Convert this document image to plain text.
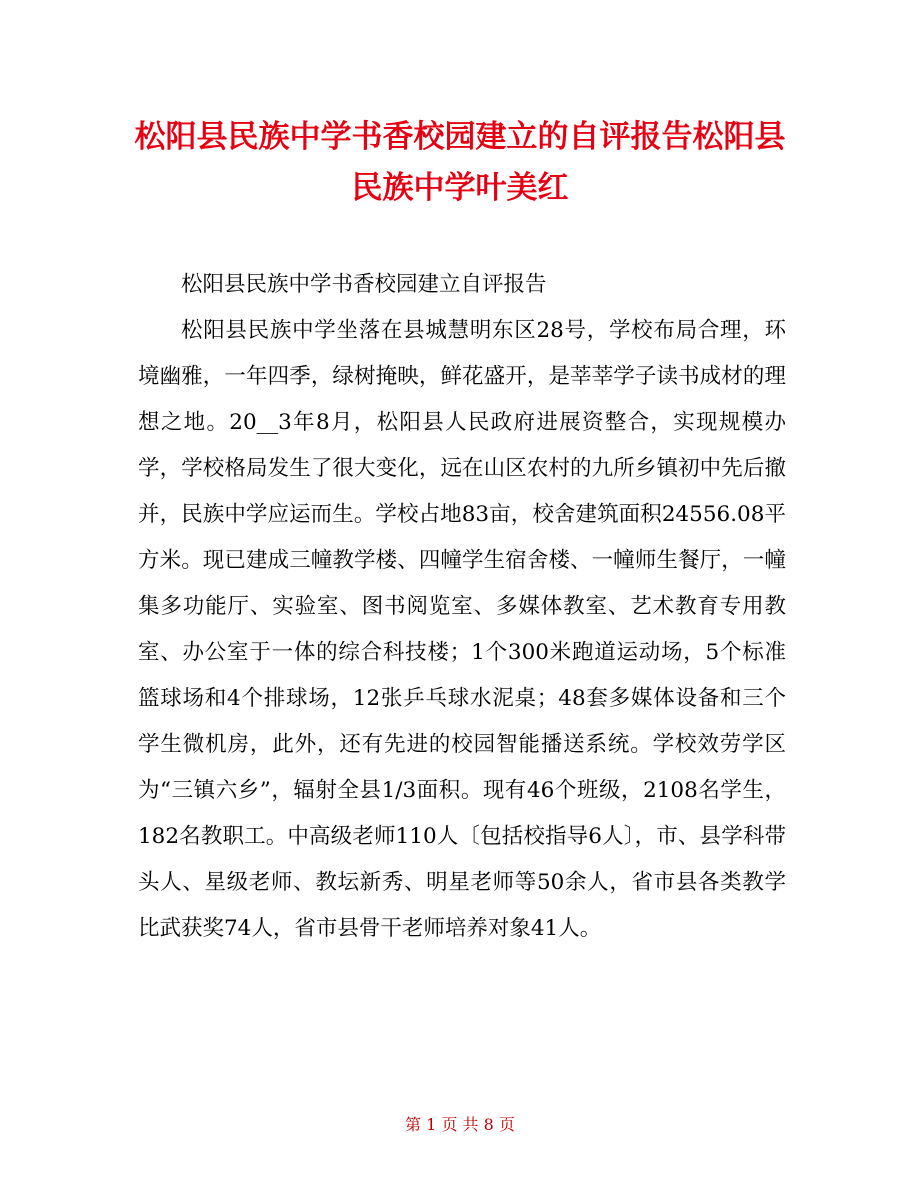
松阳县民族中学书香校园建立的自评报告松阳县民族中学叶美红

松阳县民族中学书香校园建立自评报告

松阳县民族中学坐落在县城慧明东区28号，学校布局合理，环境幽雅，一年四季，绿树掩映，鲜花盛开，是莘莘学子读书成材的理想之地。20__3年8月，松阳县人民政府进展资整合，实现规模办学，学校格局发生了很大变化，远在山区农村的九所乡镇初中先后撤并，民族中学应运而生。学校占地83亩，校舍建筑面积24556.08平方米。现已建成三幢教学楼、四幢学生宿舍楼、一幢师生餐厅，一幢集多功能厅、实验室、图书阅览室、多媒体教室、艺术教育专用教室、办公室于一体的综合科技楼；1个300米跑道运动场，5个标准篮球场和4个排球场，12张乒乓球水泥桌；48套多媒体设备和三个学生微机房，此外，还有先进的校园智能播送系统。学校效劳学区为“三镇六乡”，辐射全县1/3面积。现有46个班级，2108名学生，182名教职工。中高级老师110人〔包括校指导6人〕，市、县学科带头人、星级老师、教坛新秀、明星老师等50余人，省市县各类教学比武获奖74人，省市县骨干老师培养对象41人。

第 1 页 共 8 页
